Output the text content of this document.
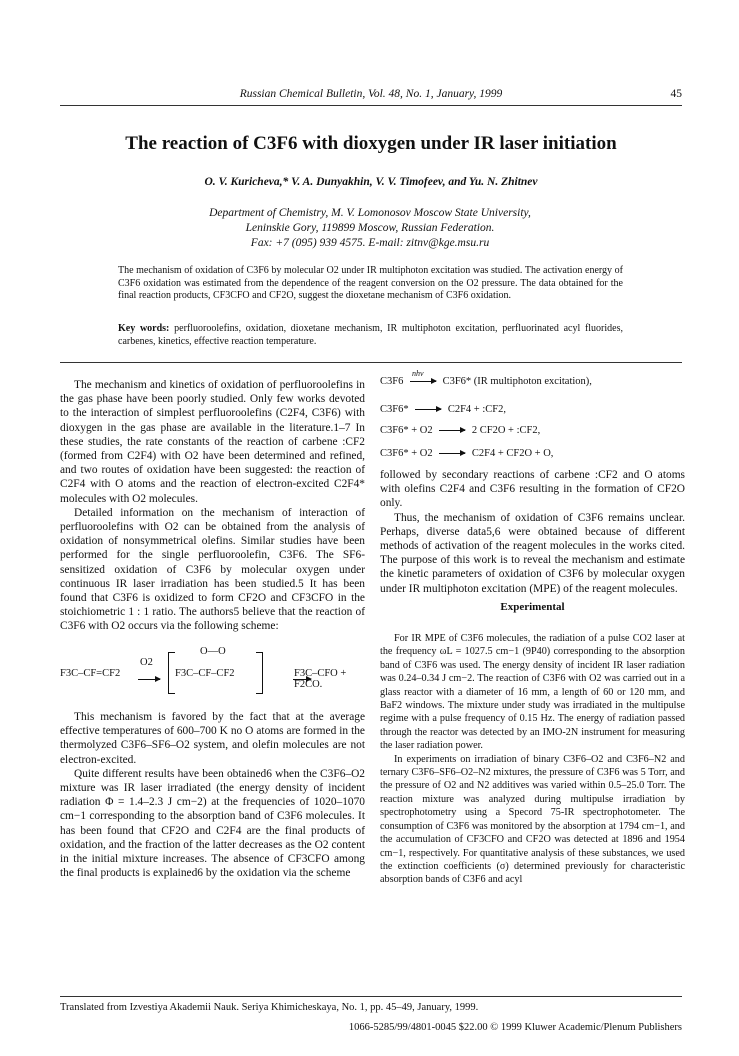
Russian Chemical Bulletin, Vol. 48, No. 1, January, 1999	45
The reaction of C3F6 with dioxygen under IR laser initiation
O. V. Kuricheva,* V. A. Dunyakhin, V. V. Timofeev, and Yu. N. Zhitnev
Department of Chemistry, M. V. Lomonosov Moscow State University,
Leninskie Gory, 119899 Moscow, Russian Federation.
Fax: +7 (095) 939 4575. E-mail: zitnv@kge.msu.ru

The mechanism of oxidation of C3F6 by molecular O2 under IR multiphoton excitation was studied. The activation energy of C3F6 oxidation was estimated from the dependence of the reagent conversion on the O2 pressure. The data obtained for the final reaction products, CF3CFO and CF2O, suggest the dioxetane mechanism of C3F6 oxidation.

Key words: perfluoroolefins, oxidation, dioxetane mechanism, IR multiphoton excitation, perfluorinated acyl fluorides, carbenes, kinetics, effective reaction temperature.

The mechanism and kinetics of oxidation of perfluoroolefins in the gas phase have been poorly studied. Only few works devoted to the interaction of simplest perfluoroolefins (C2F4, C3F6) with dioxygen in the gas phase are available in the literature.1–7 In these studies, the rate constants of the reaction of carbene :CF2 (formed from C2F4) with O2 have been determined and refined, and two routes of oxidation have been suggested: the reaction of C2F4 with O atoms and the reaction of electron-excited C2F4* molecules with O2 molecules.

Detailed information on the mechanism of interaction of perfluoroolefins with O2 can be obtained from the analysis of oxidation of nonsymmetrical olefins. Similar studies have been performed for the single perfluoroolefin, C3F6. The SF6-sensitized oxidation of C3F6 by molecular oxygen under continuous IR laser irradiation has been studied.5 It has been found that C3F6 is oxidized to form CF2O and CF3CFO in the stoichiometric 1 : 1 ratio. The authors5 believe that the reaction of C3F6 with O2 occurs via the following scheme:

F3C–CF=CF2
O2

O—O
F3C–CF–CF2	F3C–CFO + F2CO.

This mechanism is favored by the fact that at the average effective temperatures of 600–700 K no O atoms are formed in the thermolyzed C3F6–SF6–O2 system, and olefin molecules are not electron-excited.

Quite different results have been obtained6 when the C3F6–O2 mixture was IR laser irradiated (the energy density of incident radiation Φ = 1.4–2.3 J cm−2) at the frequencies of 1020–1070 cm−1 corresponding to the absorption band of C3F6 molecules. It has been found that CF2O and C2F4 are the final products of oxidation, and the fraction of the latter decreases as the O2 content in the initial mixture increases. The absence of CF3CFO among the final products is explained6 by the oxidation via the scheme

C3F6
nhν
C3F6* (IR multiphoton excitation),
C3F6* → C2F4 + :CF2,
C3F6* + O2 → 2 CF2O + :CF2,
C3F6* + O2 → C2F4 + CF2O + O,

followed by secondary reactions of carbene :CF2 and O atoms with olefins C2F4 and C3F6 resulting in the formation of CF2O only.

Thus, the mechanism of oxidation of C3F6 remains unclear. Perhaps, diverse data5,6 were obtained because of different methods of activation of the reagent molecules in the works cited. The purpose of this work is to reveal the mechanism and estimate the kinetic parameters of oxidation of C3F6 by molecular oxygen under IR multiphoton excitation (MPE) of the reagent molecules.

Experimental

For IR MPE of C3F6 molecules, the radiation of a pulse CO2 laser at the frequency ωL = 1027.5 cm−1 (9P40) corresponding to the absorption band of C3F6 was used. The energy density of incident IR laser radiation was 0.24–0.34 J cm−2. The reaction of C3F6 with O2 was carried out in a glass reactor with a diameter of 16 mm, a length of 60 or 120 mm, and BaF2 windows. The mixture under study was irradiated in the multipulse regime with a pulse frequency of 0.15 Hz. The energy of radiation passed through the reactor was detected by an IMO-2N instrument for measuring the laser radiation power.

In experiments on irradiation of binary C3F6–O2 and C3F6–N2 and ternary C3F6–SF6–O2–N2 mixtures, the pressure of C3F6 was 5 Torr, and the pressure of O2 and N2 additives was varied within 0.5–25.0 Torr. The reaction mixture was analyzed during multipulse irradiation by spectrophotometry using a Specord 75-IR spectrophotometer. The consumption of C3F6 was monitored by the absorption at 1794 cm−1, and the accumulation of CF3CFO and CF2O was detected at 1896 and 1954 cm−1, respectively. For quantitative analysis of these substances, we used the extinction coefficients (σ) determined previously for characteristic absorption bands of C3F6 and acyl

Translated from Izvestiya Akademii Nauk. Seriya Khimicheskaya, No. 1, pp. 45–49, January, 1999.
1066-5285/99/4801-0045 $22.00 © 1999 Kluwer Academic/Plenum Publishers
